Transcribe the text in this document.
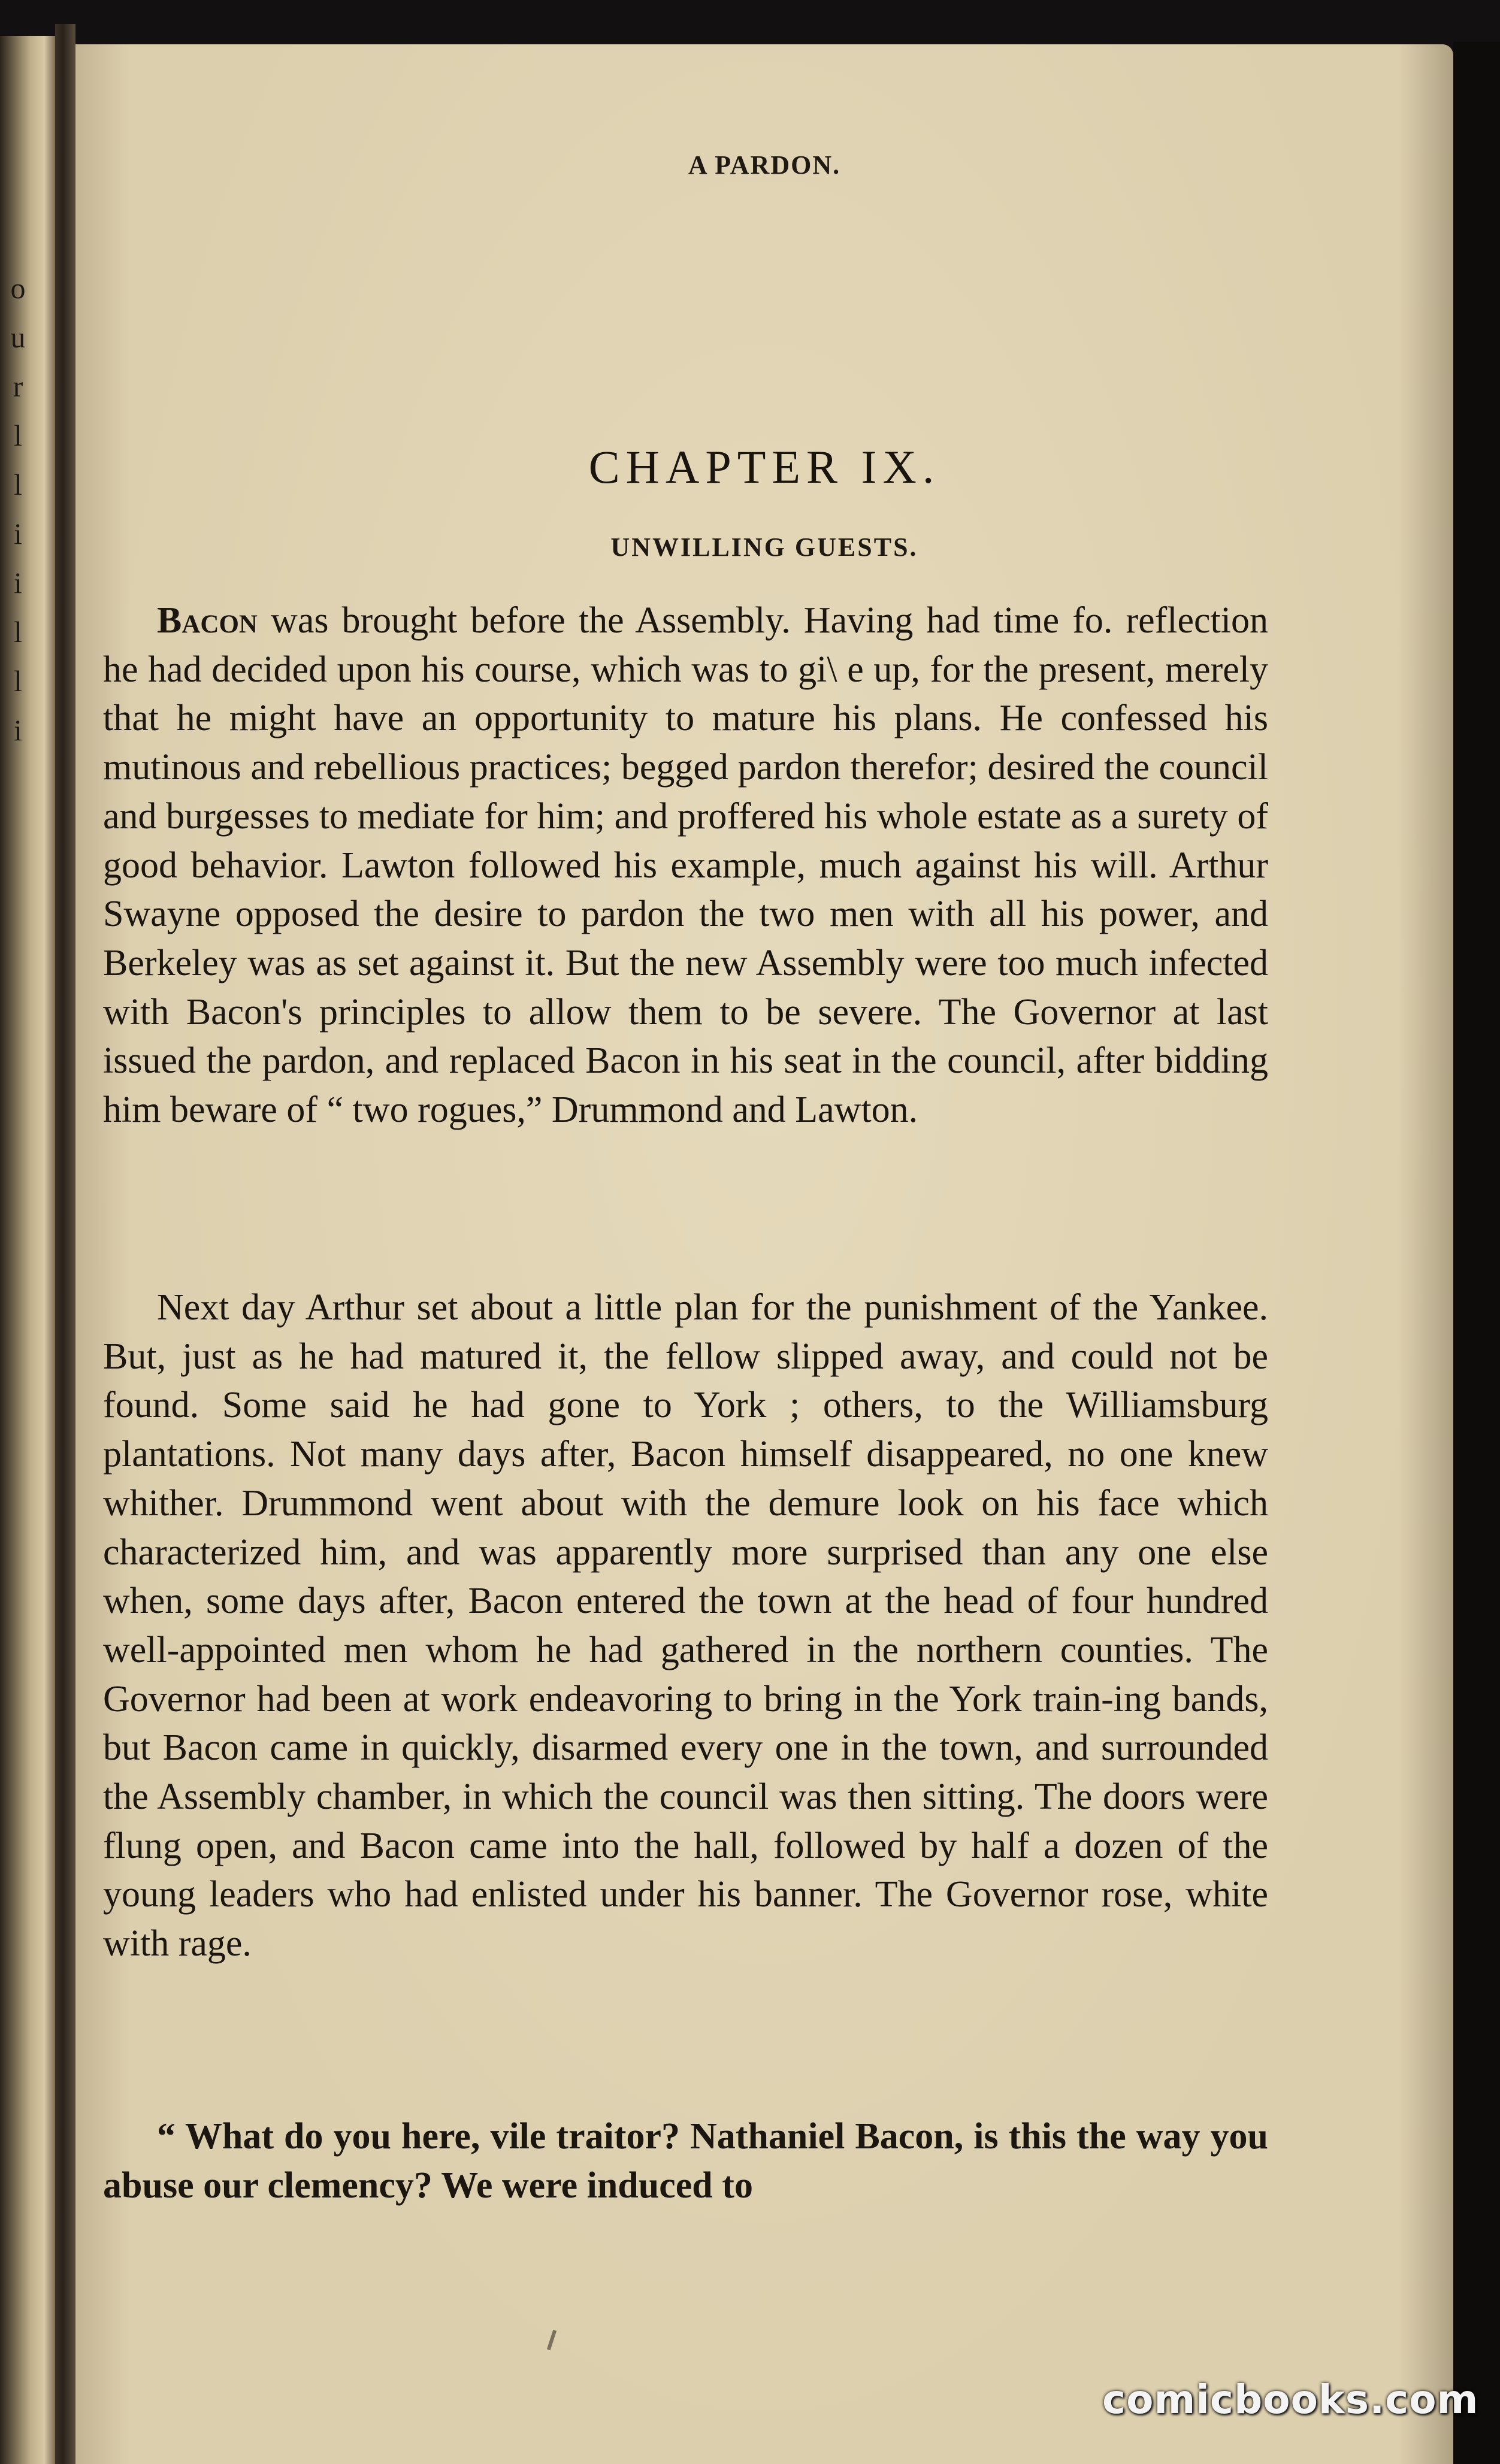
o
u
r
l
l
i
i
l
l
i
A PARDON.
CHAPTER IX.
UNWILLING GUESTS.

Bacon was brought before the Assembly. Having had time fo. reflection he had decided upon his course, which was to gi\ e up, for the present, merely that he might have an opportunity to mature his plans. He confessed his mutinous and rebellious practices; begged pardon therefor; desired the council and burgesses to mediate for him; and proffered his whole estate as a surety of good behavior. Lawton followed his example, much against his will. Arthur Swayne opposed the desire to pardon the two men with all his power, and Berkeley was as set against it. But the new Assembly were too much infected with Bacon's principles to allow them to be severe. The Governor at last issued the pardon, and replaced Bacon in his seat in the council, after bidding him beware of “ two rogues,” Drummond and Lawton.

Next day Arthur set about a little plan for the punishment of the Yankee. But, just as he had matured it, the fellow slipped away, and could not be found. Some said he had gone to York ; others, to the Williamsburg plantations. Not many days after, Bacon himself disappeared, no one knew whither. Drummond went about with the demure look on his face which characterized him, and was apparently more surprised than any one else when, some days after, Bacon entered the town at the head of four hundred well-appointed men whom he had gathered in the northern counties. The Governor had been at work endeavoring to bring in the York train-ing bands, but Bacon came in quickly, disarmed every one in the town, and surrounded the Assembly chamber, in which the council was then sitting. The doors were flung open, and Bacon came into the hall, followed by half a dozen of the young leaders who had enlisted under his banner. The Governor rose, white with rage.

“ What do you here, vile traitor? Nathaniel Bacon, is this the way you abuse our clemency? We were induced to

comicbooks.com
